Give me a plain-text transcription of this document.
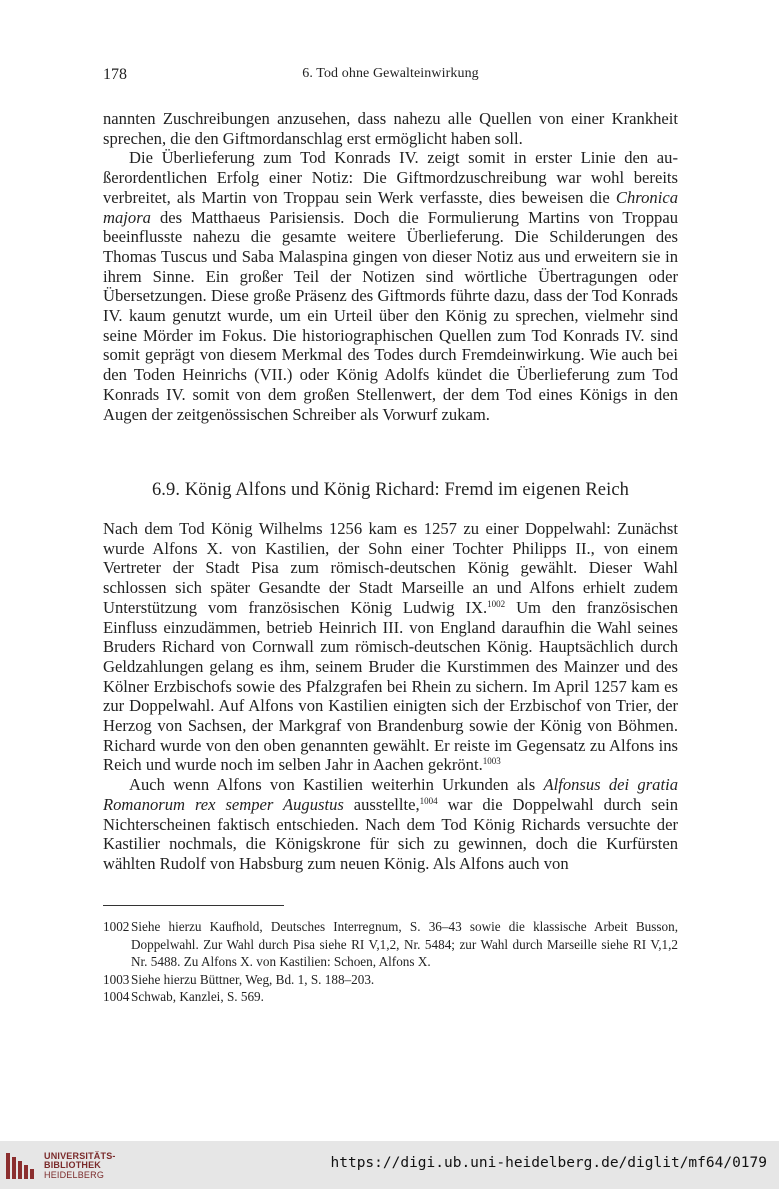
178	6. Tod ohne Gewalteinwirkung

nannten Zuschreibungen anzusehen, dass nahezu alle Quellen von einer Krankheit sprechen, die den Giftmordanschlag erst ermöglicht haben soll.

Die Überlieferung zum Tod Konrads IV. zeigt somit in erster Linie den außerordentlichen Erfolg einer Notiz: Die Giftmordzuschreibung war wohl bereits verbreitet, als Martin von Troppau sein Werk verfasste, dies beweisen die Chronica majora des Matthaeus Parisiensis. Doch die Formulierung Martins von Troppau beeinflusste nahezu die gesamte weitere Überlieferung. Die Schilderungen des Thomas Tuscus und Saba Malaspina gingen von dieser Notiz aus und erweitern sie in ihrem Sinne. Ein großer Teil der Notizen sind wörtliche Übertragungen oder Übersetzungen. Diese große Präsenz des Giftmords führte dazu, dass der Tod Konrads IV. kaum genutzt wurde, um ein Urteil über den König zu sprechen, vielmehr sind seine Mörder im Fokus. Die historiographischen Quellen zum Tod Konrads IV. sind somit geprägt von diesem Merkmal des Todes durch Fremdeinwirkung. Wie auch bei den Toden Heinrichs (VII.) oder König Adolfs kündet die Überlieferung zum Tod Konrads IV. somit von dem großen Stellenwert, der dem Tod eines Königs in den Augen der zeitgenössischen Schreiber als Vorwurf zukam.

6.9. König Alfons und König Richard: Fremd im eigenen Reich

Nach dem Tod König Wilhelms 1256 kam es 1257 zu einer Doppelwahl: Zunächst wurde Alfons X. von Kastilien, der Sohn einer Tochter Philipps II., von einem Vertreter der Stadt Pisa zum römisch-deutschen König gewählt. Dieser Wahl schlossen sich später Gesandte der Stadt Marseille an und Alfons erhielt zudem Unterstützung vom französischen König Ludwig IX.$^{1002}$ Um den französischen Einfluss einzudämmen, betrieb Heinrich III. von England daraufhin die Wahl seines Bruders Richard von Cornwall zum römisch-deutschen König. Hauptsächlich durch Geldzahlungen gelang es ihm, seinem Bruder die Kurstimmen des Mainzer und des Kölner Erzbischofs sowie des Pfalzgrafen bei Rhein zu sichern. Im April 1257 kam es zur Doppelwahl. Auf Alfons von Kastilien einigten sich der Erzbischof von Trier, der Herzog von Sachsen, der Markgraf von Brandenburg sowie der König von Böhmen. Richard wurde von den oben genannten gewählt. Er reiste im Gegensatz zu Alfons ins Reich und wurde noch im selben Jahr in Aachen gekrönt.$^{1003}$

Auch wenn Alfons von Kastilien weiterhin Urkunden als Alfonsus dei gratia Romanorum rex semper Augustus ausstellte,$^{1004}$ war die Doppelwahl durch sein Nichterscheinen faktisch entschieden. Nach dem Tod König Richards versuchte der Kastilier nochmals, die Königskrone für sich zu gewinnen, doch die Kurfürsten wählten Rudolf von Habsburg zum neuen König. Als Alfons auch von

1002 Siehe hierzu Kaufhold, Deutsches Interregnum, S. 36–43 sowie die klassische Arbeit Busson, Doppelwahl. Zur Wahl durch Pisa siehe RI V,1,2, Nr. 5484; zur Wahl durch Marseille siehe RI V,1,2 Nr. 5488. Zu Alfons X. von Kastilien: Schoen, Alfons X.
1003 Siehe hierzu Büttner, Weg, Bd. 1, S. 188–203.
1004 Schwab, Kanzlei, S. 569.
UNIVERSITÄTS-
BIBLIOTHEK
HEIDELBERG
https://digi.ub.uni-heidelberg.de/diglit/mf64/0179
